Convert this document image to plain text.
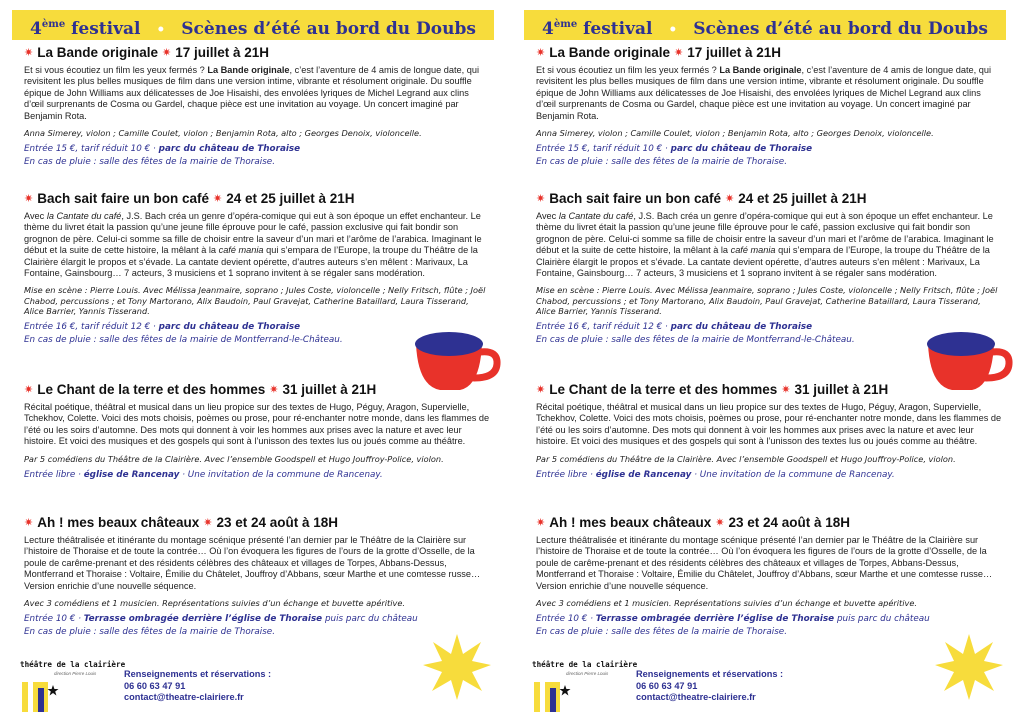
4ème festival • Scènes d’été au bord du Doubs
✷ La Bande originale ✷ 17 juillet à 21H
Et si vous écoutiez un film les yeux fermés ? La Bande originale, c’est l’aventure de 4 amis de longue date, qui revisitent les plus belles musiques de film dans une version intime, vibrante et résolument originale. Du souffle épique de John Williams aux délicatesses de Joe Hisaishi, des envolées lyriques de Michel Legrand aux clins d’œil surprenants de Cosma ou Gardel, chaque pièce est une invitation au voyage. Un concert imaginé par Benjamin Rota.
Anna Simerey, violon ; Camille Coulet, violon ; Benjamin Rota, alto ; Georges Denoix, violoncelle.
Entrée 15 €, tarif réduit 10 € · parc du château de Thoraise
En cas de pluie : salle des fêtes de la mairie de Thoraise.
✷ Bach sait faire un bon café ✷ 24 et 25 juillet à 21H
Avec la Cantate du café, J.S. Bach créa un genre d’opéra-comique qui eut à son époque un effet enchanteur. Le thème du livret était la passion qu’une jeune fille éprouve pour le café, passion exclusive qui fait bondir son grognon de père. Celui-ci somme sa fille de choisir entre la saveur d’un mari et l’arôme de l’arabica. Imaginant le début et la suite de cette histoire, la mêlant à la café mania qui s’empara de l’Europe, la troupe du Théâtre de la Clairière élargit le propos et s’évade. La cantate devient opérette, d’autres auteurs s’en mêlent : Marivaux, La Fontaine, Gainsbourg… 7 acteurs, 3 musiciens et 1 soprano invitent à se régaler sans modération.
Mise en scène : Pierre Louis. Avec Mélissa Jeanmaire, soprano ; Jules Coste, violoncelle ; Nelly Fritsch, flûte ; Joël Chabod, percussions ; et Tony Martorano, Alix Baudoin, Paul Gravejat, Catherine Bataillard, Laura Tisserand, Alice Barrier, Yannis Tisserand.
Entrée 16 €, tarif réduit 12 € · parc du château de Thoraise
En cas de pluie : salle des fêtes de la mairie de Montferrand-le-Château.
✷ Le Chant de la terre et des hommes ✷ 31 juillet à 21H
Récital poétique, théâtral et musical dans un lieu propice sur des textes de Hugo, Péguy, Aragon, Supervielle, Tchekhov, Colette. Voici des mots choisis, poèmes ou prose, pour ré-enchanter notre monde, dans les flammes de l’été ou les soirs d’automne. Des mots qui donnent à voir les hommes aux prises avec la nature et avec leur histoire. Et voici des musiques et des gospels qui sont à l’unisson des textes lus ou joués comme au théâtre.
Par 5 comédiens du Théâtre de la Clairière. Avec l’ensemble Goodspell et Hugo Jouffroy-Police, violon.
Entrée libre · église de Rancenay · Une invitation de la commune de Rancenay.
✷ Ah ! mes beaux châteaux ✷ 23 et 24 août à 18H
Lecture théâtralisée et itinérante du montage scénique présenté l’an dernier par le Théâtre de la Clairière sur l’histoire de Thoraise et de toute la contrée… Où l’on évoquera les figures de l’ours de la grotte d’Osselle, de la poule de carême-prenant et des résidents célèbres des châteaux et villages de Torpes, Abbans-Dessus, Montferrand et Thoraise : Voltaire, Émilie du Châtelet, Jouffroy d’Abbans, sœur Marthe et une comtesse russe… Version enrichie d’une nouvelle séquence.
Avec 3 comédiens et 1 musicien. Représentations suivies d’un échange et buvette apéritive.
Entrée 10 € · Terrasse ombragée derrière l’église de Thoraise puis parc du château
En cas de pluie : salle des fêtes de la mairie de Thoraise.
théâtre de la clairière
direction Pierre Louis	Renseignements et réservations :
06 60 63 47 91
contact@theatre-clairiere.fr
4ème festival • Scènes d’été au bord du Doubs
✷ La Bande originale ✷ 17 juillet à 21H
Et si vous écoutiez un film les yeux fermés ? La Bande originale, c’est l’aventure de 4 amis de longue date, qui revisitent les plus belles musiques de film dans une version intime, vibrante et résolument originale. Du souffle épique de John Williams aux délicatesses de Joe Hisaishi, des envolées lyriques de Michel Legrand aux clins d’œil surprenants de Cosma ou Gardel, chaque pièce est une invitation au voyage. Un concert imaginé par Benjamin Rota.
Anna Simerey, violon ; Camille Coulet, violon ; Benjamin Rota, alto ; Georges Denoix, violoncelle.
Entrée 15 €, tarif réduit 10 € · parc du château de Thoraise
En cas de pluie : salle des fêtes de la mairie de Thoraise.
✷ Bach sait faire un bon café ✷ 24 et 25 juillet à 21H
Avec la Cantate du café, J.S. Bach créa un genre d’opéra-comique qui eut à son époque un effet enchanteur. Le thème du livret était la passion qu’une jeune fille éprouve pour le café, passion exclusive qui fait bondir son grognon de père. Celui-ci somme sa fille de choisir entre la saveur d’un mari et l’arôme de l’arabica. Imaginant le début et la suite de cette histoire, la mêlant à la café mania qui s’empara de l’Europe, la troupe du Théâtre de la Clairière élargit le propos et s’évade. La cantate devient opérette, d’autres auteurs s’en mêlent : Marivaux, La Fontaine, Gainsbourg… 7 acteurs, 3 musiciens et 1 soprano invitent à se régaler sans modération.
Mise en scène : Pierre Louis. Avec Mélissa Jeanmaire, soprano ; Jules Coste, violoncelle ; Nelly Fritsch, flûte ; Joël Chabod, percussions ; et Tony Martorano, Alix Baudoin, Paul Gravejat, Catherine Bataillard, Laura Tisserand, Alice Barrier, Yannis Tisserand.
Entrée 16 €, tarif réduit 12 € · parc du château de Thoraise
En cas de pluie : salle des fêtes de la mairie de Montferrand-le-Château.
✷ Le Chant de la terre et des hommes ✷ 31 juillet à 21H
Récital poétique, théâtral et musical dans un lieu propice sur des textes de Hugo, Péguy, Aragon, Supervielle, Tchekhov, Colette. Voici des mots choisis, poèmes ou prose, pour ré-enchanter notre monde, dans les flammes de l’été ou les soirs d’automne. Des mots qui donnent à voir les hommes aux prises avec la nature et avec leur histoire. Et voici des musiques et des gospels qui sont à l’unisson des textes lus ou joués comme au théâtre.
Par 5 comédiens du Théâtre de la Clairière. Avec l’ensemble Goodspell et Hugo Jouffroy-Police, violon.
Entrée libre · église de Rancenay · Une invitation de la commune de Rancenay.
✷ Ah ! mes beaux châteaux ✷ 23 et 24 août à 18H
Lecture théâtralisée et itinérante du montage scénique présenté l’an dernier par le Théâtre de la Clairière sur l’histoire de Thoraise et de toute la contrée… Où l’on évoquera les figures de l’ours de la grotte d’Osselle, de la poule de carême-prenant et des résidents célèbres des châteaux et villages de Torpes, Abbans-Dessus, Montferrand et Thoraise : Voltaire, Émilie du Châtelet, Jouffroy d’Abbans, sœur Marthe et une comtesse russe… Version enrichie d’une nouvelle séquence.
Avec 3 comédiens et 1 musicien. Représentations suivies d’un échange et buvette apéritive.
Entrée 10 € · Terrasse ombragée derrière l’église de Thoraise puis parc du château
En cas de pluie : salle des fêtes de la mairie de Thoraise.
théâtre de la clairière
direction Pierre Louis	Renseignements et réservations :
06 60 63 47 91
contact@theatre-clairiere.fr
